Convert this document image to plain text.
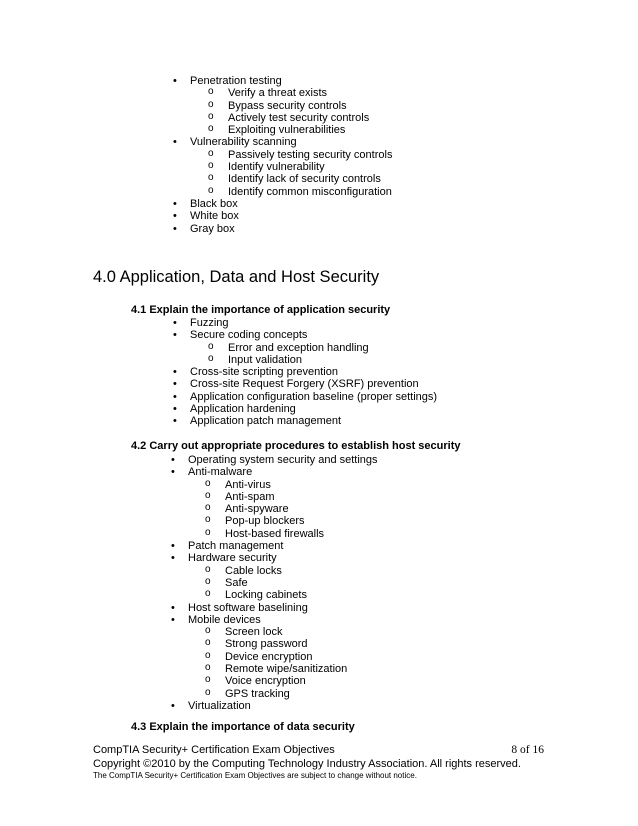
• Penetration testing
o Verify a threat exists
o Bypass security controls
o Actively test security controls
o Exploiting vulnerabilities
• Vulnerability scanning
o Passively testing security controls
o Identify vulnerability
o Identify lack of security controls
o Identify common misconfiguration
• Black box
• White box
• Gray box
4.0 Application, Data and Host Security
4.1 Explain the importance of application security
• Fuzzing
• Secure coding concepts
o Error and exception handling
o Input validation
• Cross-site scripting prevention
• Cross-site Request Forgery (XSRF) prevention
• Application configuration baseline (proper settings)
• Application hardening
• Application patch management
4.2 Carry out appropriate procedures to establish host security
• Operating system security and settings
• Anti-malware
o Anti-virus
o Anti-spam
o Anti-spyware
o Pop-up blockers
o Host-based firewalls
• Patch management
• Hardware security
o Cable locks
o Safe
o Locking cabinets
• Host software baselining
• Mobile devices
o Screen lock
o Strong password
o Device encryption
o Remote wipe/sanitization
o Voice encryption
o GPS tracking
• Virtualization
4.3 Explain the importance of data security
CompTIA Security+ Certification Exam Objectives	8 of 16
Copyright ©2010 by the Computing Technology Industry Association. All rights reserved.
The CompTIA Security+ Certification Exam Objectives are subject to change without notice.
